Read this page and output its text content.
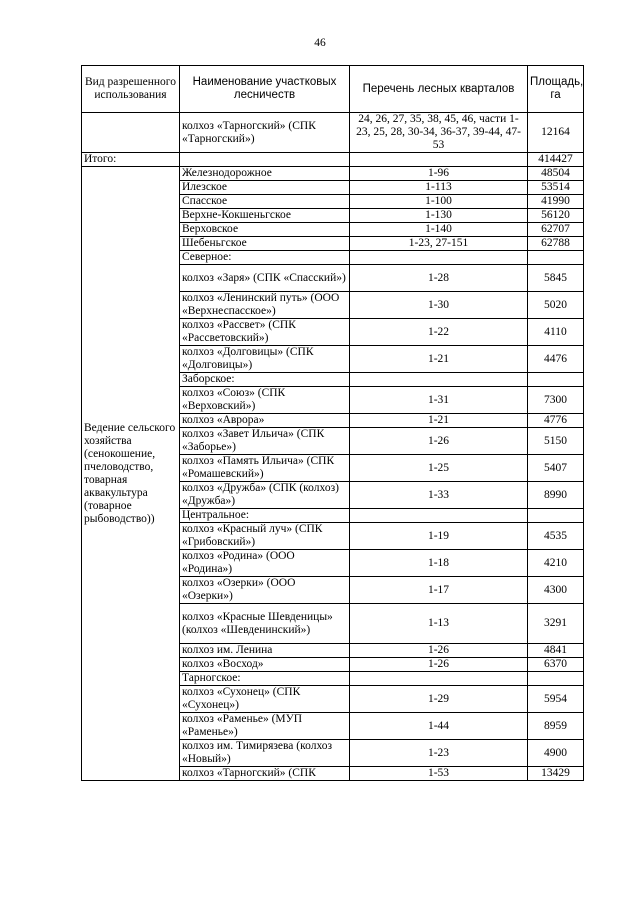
46
Вид разрешенного использования	Наименование участковых лесничеств	Перечень лесных кварталов	Площадь, га
	колхоз «Тарногский» (СПК «Тарногский»)	24, 26, 27, 35, 38, 45, 46, части 1-23, 25, 28, 30-34, 36-37, 39-44, 47-53	12164
Итого:			414427
Ведение сельского хозяйства (сенокошение, пчеловодство, товарная аквакультура (товарное рыбоводство))	Железнодорожное	1-96	48504
	Илезское	1-113	53514
	Спасское	1-100	41990
	Верхне-Кокшеньгское	1-130	56120
	Верховское	1-140	62707
	Шебеньгское	1-23, 27-151	62788
	Северное:		
	колхоз «Заря» (СПК «Спасский»)	1-28	5845
	колхоз «Ленинский путь» (ООО «Верхнеспасское»)	1-30	5020
	колхоз «Рассвет» (СПК «Рассветовский»)	1-22	4110
	колхоз «Долговицы» (СПК «Долговицы»)	1-21	4476
	Заборское:		
	колхоз «Союз» (СПК «Верховский»)	1-31	7300
	колхоз «Аврора»	1-21	4776
	колхоз «Завет Ильича» (СПК «Заборье»)	1-26	5150
	колхоз «Память Ильича» (СПК «Ромашевский»)	1-25	5407
	колхоз «Дружба» (СПК (колхоз) «Дружба»)	1-33	8990
	Центральное:		
	колхоз «Красный луч» (СПК «Грибовский»)	1-19	4535
	колхоз «Родина» (ООО «Родина»)	1-18	4210
	колхоз «Озерки» (ООО «Озерки»)	1-17	4300
	колхоз «Красные Шевденицы» (колхоз «Шевденинский»)	1-13	3291
	колхоз им. Ленина	1-26	4841
	колхоз «Восход»	1-26	6370
	Тарногское:		
	колхоз «Сухонец» (СПК «Сухонец»)	1-29	5954
	колхоз «Раменье» (МУП «Раменье»)	1-44	8959
	колхоз им. Тимирязева (колхоз «Новый»)	1-23	4900
	колхоз «Тарногский» (СПК	1-53	13429
